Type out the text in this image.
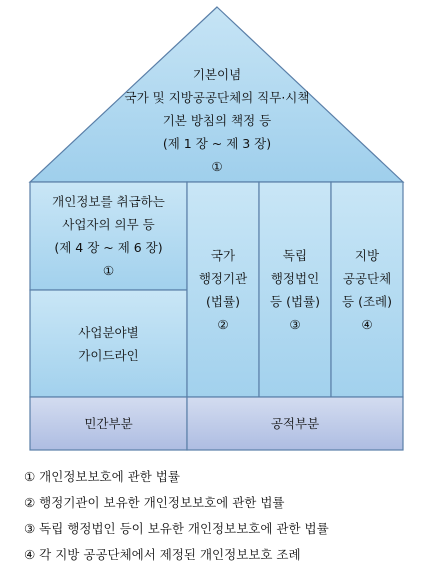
기본이념
국가 및 지방공공단체의 직무·시책
기본 방침의 책정 등
(제 1 장 ~ 제 3 장)
①
개인정보를 취급하는
사업자의 의무 등
(제 4 장 ~ 제 6 장)
①
사업분야별
가이드라인
국가
행정기관
(법률)
②
독립
행정법인
등 (법률)
③
지방
공공단체
등 (조례)
④
민간부분	공적부분
① 개인정보보호에 관한 법률
② 행정기관이 보유한 개인정보보호에 관한 법률
③ 독립 행정법인 등이 보유한 개인정보보호에 관한 법률
④ 각 지방 공공단체에서 제정된 개인정보보호 조례
